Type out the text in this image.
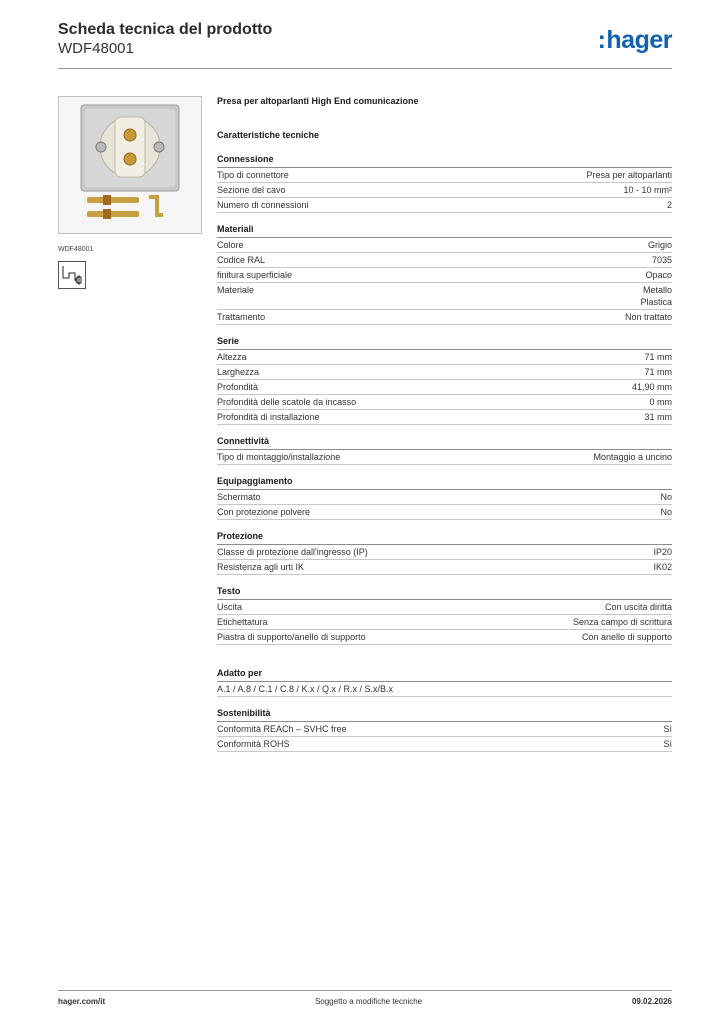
Scheda tecnica del prodotto
WDF48001	:hager
WDF48001
Presa per altoparlanti High End comunicazione
Caratteristiche tecniche
Connessione
Tipo di connettore	Presa per altoparlanti
Sezione del cavo	10 - 10 mm²
Numero di connessioni	2
Materiali
Colore	Grigio
Codice RAL	7035
finitura superficiale	Opaco
Materiale	Metallo
Plastica
Trattamento	Non trattato
Serie
Altezza	71 mm
Larghezza	71 mm
Profondità	41,90 mm
Profondità delle scatole da incasso	0 mm
Profondità di installazione	31 mm
Connettività
Tipo di montaggio/installazione	Montaggio a uncino
Equipaggiamento
Schermato	No
Con protezione polvere	No
Protezione
Classe di protezione dall'ingresso (IP)	IP20
Resistenza agli urti IK	IK02
Testo
Uscita	Con uscita diritta
Etichettatura	Senza campo di scrittura
Piastra di supporto/anello di supporto	Con anello di supporto
Adatto per
A.1 / A.8 / C.1 / C.8 / K.x / Q.x / R.x / S.x/B.x
Sostenibilità
Conformità REACh – SVHC free	Sì
Conformità ROHS	Sì
hager.com/it	Soggetto a modifiche tecniche	09.02.2026
